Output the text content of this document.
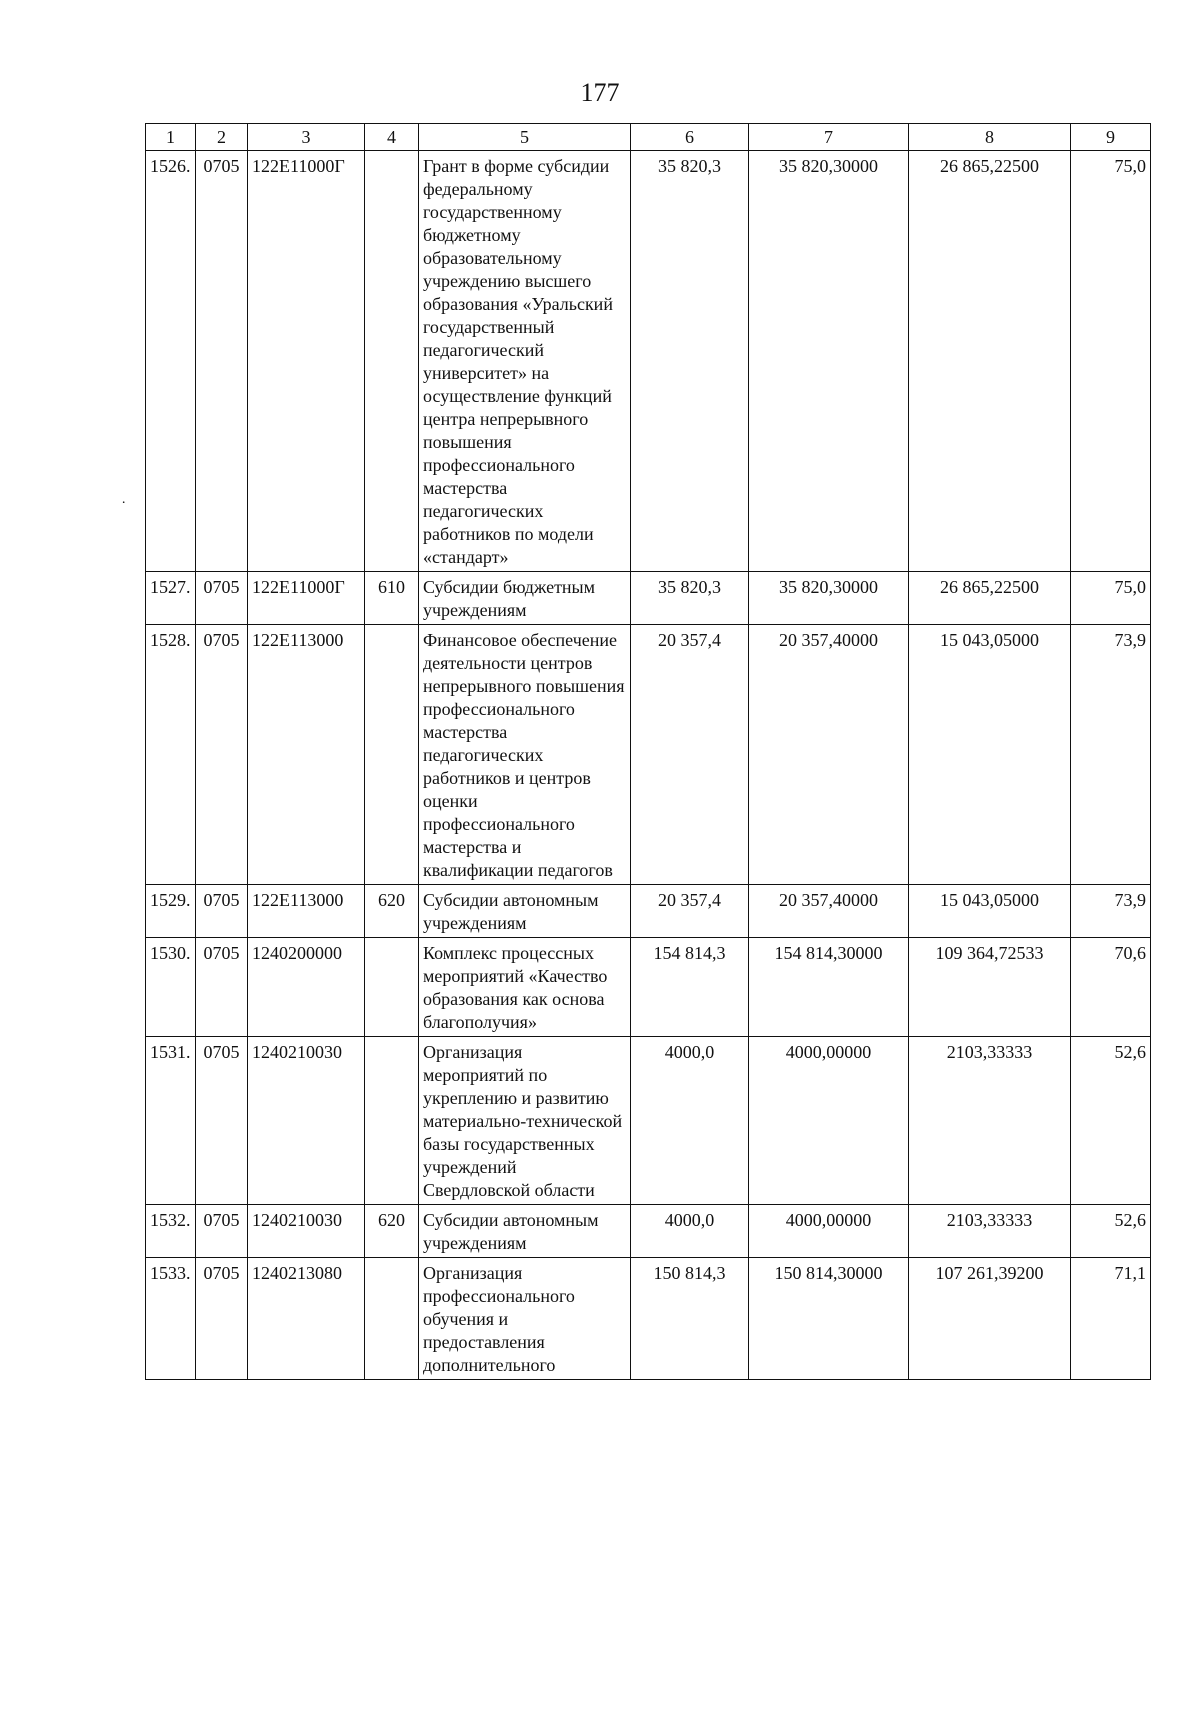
177
˙
1	2	3	4	5	6	7	8	9
1526.	0705	122E11000Г		Грант в форме субсидии федеральному государственному бюджетному образовательному учреждению высшего образования «Уральский государственный педагогический университет» на осуществление функций центра непрерывного повышения профессионального мастерства педагогических работников по модели «стандарт»	35 820,3	35 820,30000	26 865,22500	75,0
1527.	0705	122E11000Г	610	Субсидии бюджетным учреждениям	35 820,3	35 820,30000	26 865,22500	75,0
1528.	0705	122E113000		Финансовое обеспечение деятельности центров непрерывного повышения профессионального мастерства педагогических работников и центров оценки профессионального мастерства и квалификации педагогов	20 357,4	20 357,40000	15 043,05000	73,9
1529.	0705	122E113000	620	Субсидии автономным учреждениям	20 357,4	20 357,40000	15 043,05000	73,9
1530.	0705	1240200000		Комплекс процессных мероприятий «Качество образования как основа благополучия»	154 814,3	154 814,30000	109 364,72533	70,6
1531.	0705	1240210030		Организация мероприятий по укреплению и развитию материально-технической базы государственных учреждений Свердловской области	4000,0	4000,00000	2103,33333	52,6
1532.	0705	1240210030	620	Субсидии автономным учреждениям	4000,0	4000,00000	2103,33333	52,6
1533.	0705	1240213080		Организация профессионального обучения и предоставления дополнительного	150 814,3	150 814,30000	107 261,39200	71,1
